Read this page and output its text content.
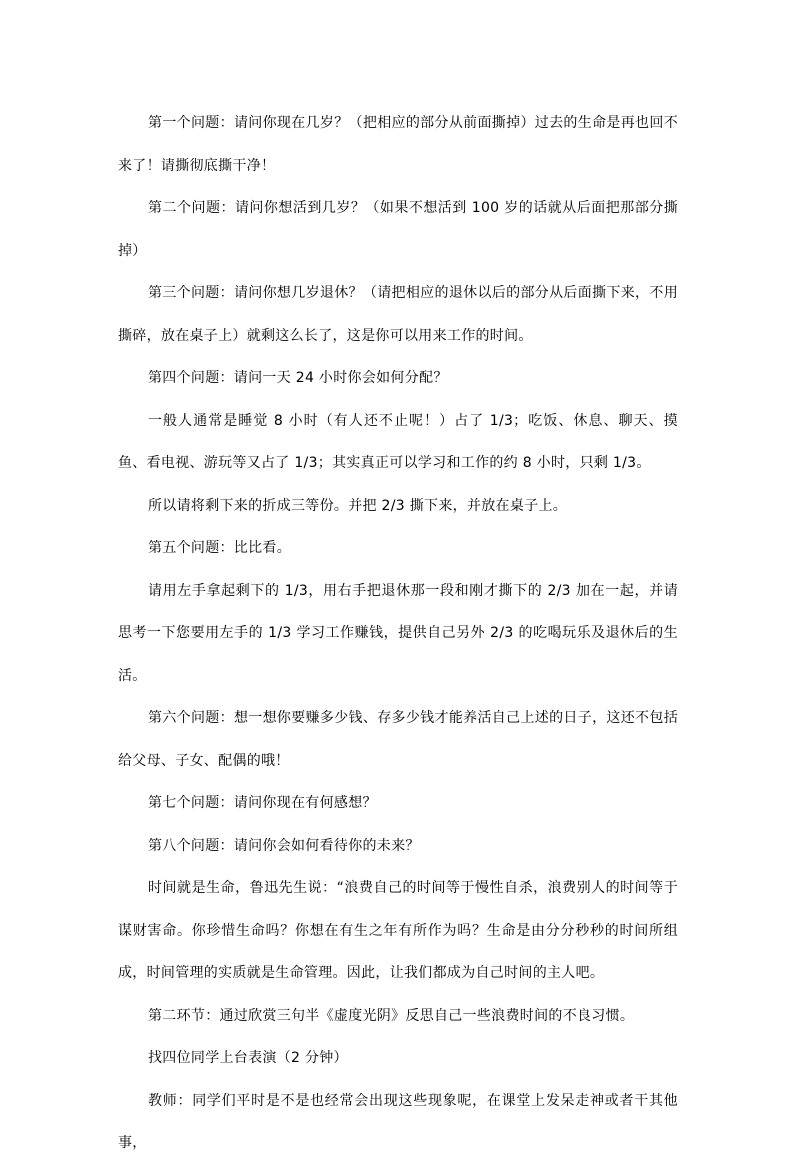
第一个问题：请问你现在几岁？（把相应的部分从前面撕掉）过去的生命是再也回不来了！请撕彻底撕干净！

第二个问题：请问你想活到几岁？（如果不想活到 100 岁的话就从后面把那部分撕掉）

第三个问题：请问你想几岁退休？（请把相应的退休以后的部分从后面撕下来，不用撕碎，放在桌子上）就剩这么长了，这是你可以用来工作的时间。

第四个问题：请问一天 24 小时你会如何分配？

一般人通常是睡觉 8 小时（有人还不止呢！）占了 1/3；吃饭、休息、聊天、摸鱼、看电视、游玩等又占了 1/3；其实真正可以学习和工作的约 8 小时，只剩 1/3。

所以请将剩下来的折成三等份。并把 2/3 撕下来，并放在桌子上。

第五个问题：比比看。

请用左手拿起剩下的 1/3，用右手把退休那一段和刚才撕下的 2/3 加在一起，并请思考一下您要用左手的 1/3 学习工作赚钱，提供自己另外 2/3 的吃喝玩乐及退休后的生活。

第六个问题：想一想你要赚多少钱、存多少钱才能养活自己上述的日子，这还不包括给父母、子女、配偶的哦！

第七个问题：请问你现在有何感想？

第八个问题：请问你会如何看待你的未来？

时间就是生命，鲁迅先生说：“浪费自己的时间等于慢性自杀，浪费别人的时间等于谋财害命。你珍惜生命吗？你想在有生之年有所作为吗？生命是由分分秒秒的时间所组成，时间管理的实质就是生命管理。因此，让我们都成为自己时间的主人吧。

第二环节：通过欣赏三句半《虚度光阴》反思自己一些浪费时间的不良习惯。

找四位同学上台表演（2 分钟）

教师：同学们平时是不是也经常会出现这些现象呢，在课堂上发呆走神或者干其他事，
